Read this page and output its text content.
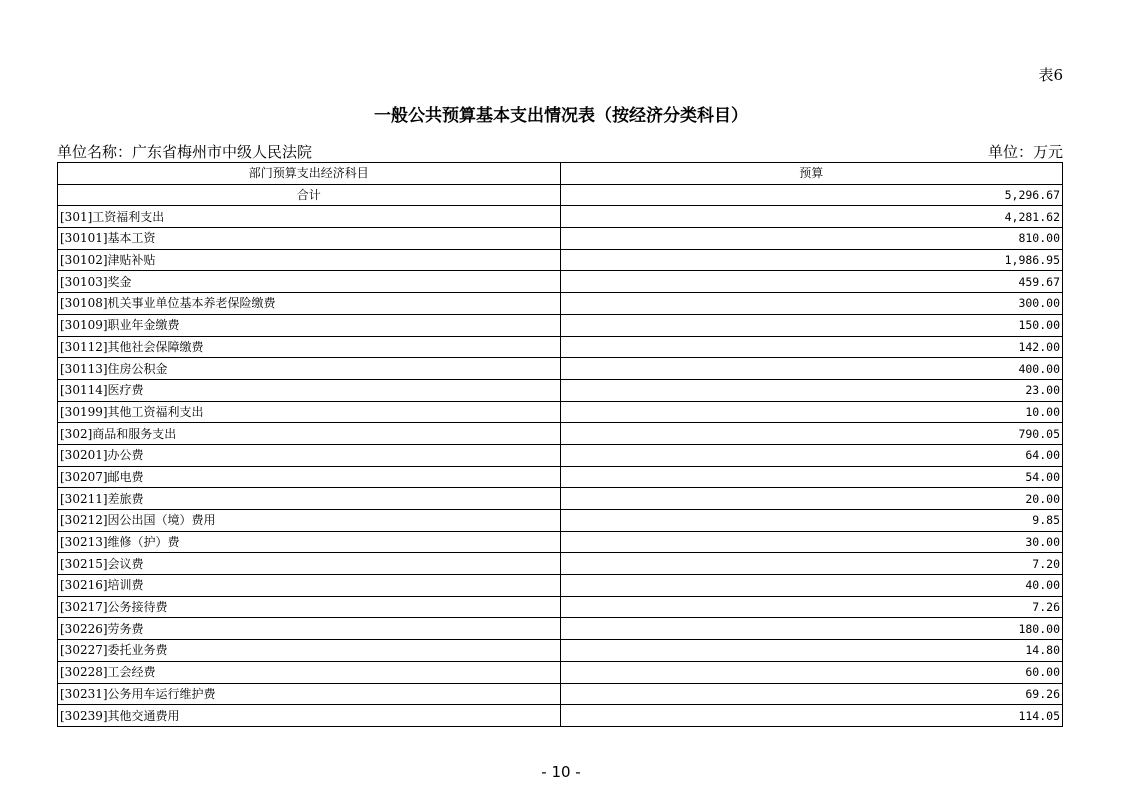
表6
一般公共预算基本支出情况表（按经济分类科目）
单位名称：广东省梅州市中级人民法院	单位：万元
部门预算支出经济科目	预算
合计	5,296.67
[301]工资福利支出	4,281.62
[30101]基本工资	810.00
[30102]津贴补贴	1,986.95
[30103]奖金	459.67
[30108]机关事业单位基本养老保险缴费	300.00
[30109]职业年金缴费	150.00
[30112]其他社会保障缴费	142.00
[30113]住房公积金	400.00
[30114]医疗费	23.00
[30199]其他工资福利支出	10.00
[302]商品和服务支出	790.05
[30201]办公费	64.00
[30207]邮电费	54.00
[30211]差旅费	20.00
[30212]因公出国（境）费用	9.85
[30213]维修（护）费	30.00
[30215]会议费	7.20
[30216]培训费	40.00
[30217]公务接待费	7.26
[30226]劳务费	180.00
[30227]委托业务费	14.80
[30228]工会经费	60.00
[30231]公务用车运行维护费	69.26
[30239]其他交通费用	114.05
- 10 -
